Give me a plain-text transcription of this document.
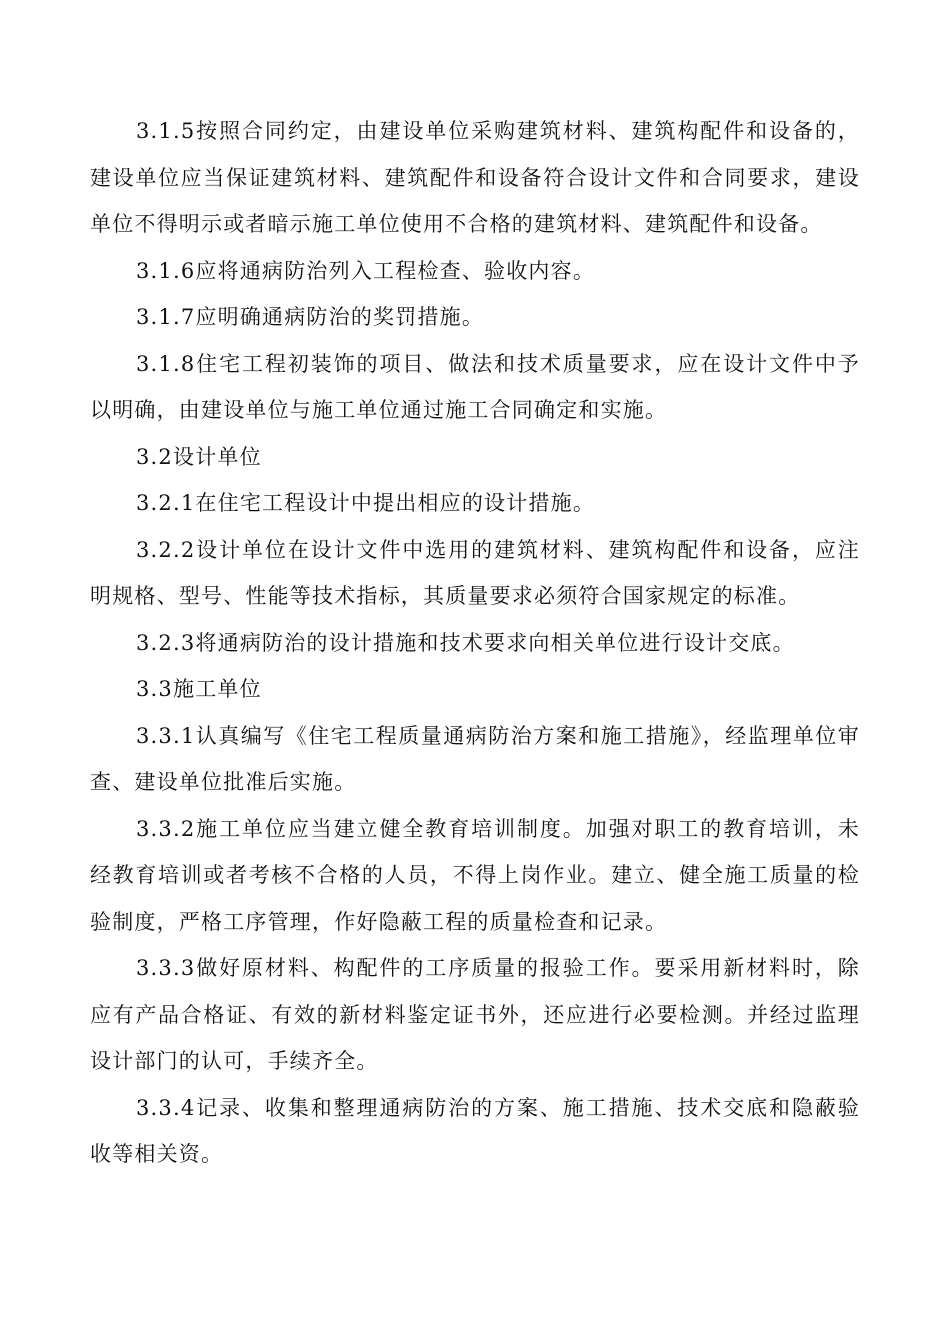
3.1.5按照合同约定，由建设单位采购建筑材料、建筑构配件和设备的，建设单位应当保证建筑材料、建筑配件和设备符合设计文件和合同要求，建设单位不得明示或者暗示施工单位使用不合格的建筑材料、建筑配件和设备。

3.1.6应将通病防治列入工程检查、验收内容。

3.1.7应明确通病防治的奖罚措施。

3.1.8住宅工程初装饰的项目、做法和技术质量要求，应在设计文件中予以明确，由建设单位与施工单位通过施工合同确定和实施。

3.2设计单位

3.2.1在住宅工程设计中提出相应的设计措施。

3.2.2设计单位在设计文件中选用的建筑材料、建筑构配件和设备，应注明规格、型号、性能等技术指标，其质量要求必须符合国家规定的标准。

3.2.3将通病防治的设计措施和技术要求向相关单位进行设计交底。

3.3施工单位

3.3.1认真编写《住宅工程质量通病防治方案和施工措施》，经监理单位审查、建设单位批准后实施。

3.3.2施工单位应当建立健全教育培训制度。加强对职工的教育培训，未经教育培训或者考核不合格的人员，不得上岗作业。建立、健全施工质量的检验制度，严格工序管理，作好隐蔽工程的质量检查和记录。

3.3.3做好原材料、构配件的工序质量的报验工作。要采用新材料时，除应有产品合格证、有效的新材料鉴定证书外，还应进行必要检测。并经过监理设计部门的认可，手续齐全。

3.3.4记录、收集和整理通病防治的方案、施工措施、技术交底和隐蔽验收等相关资。
